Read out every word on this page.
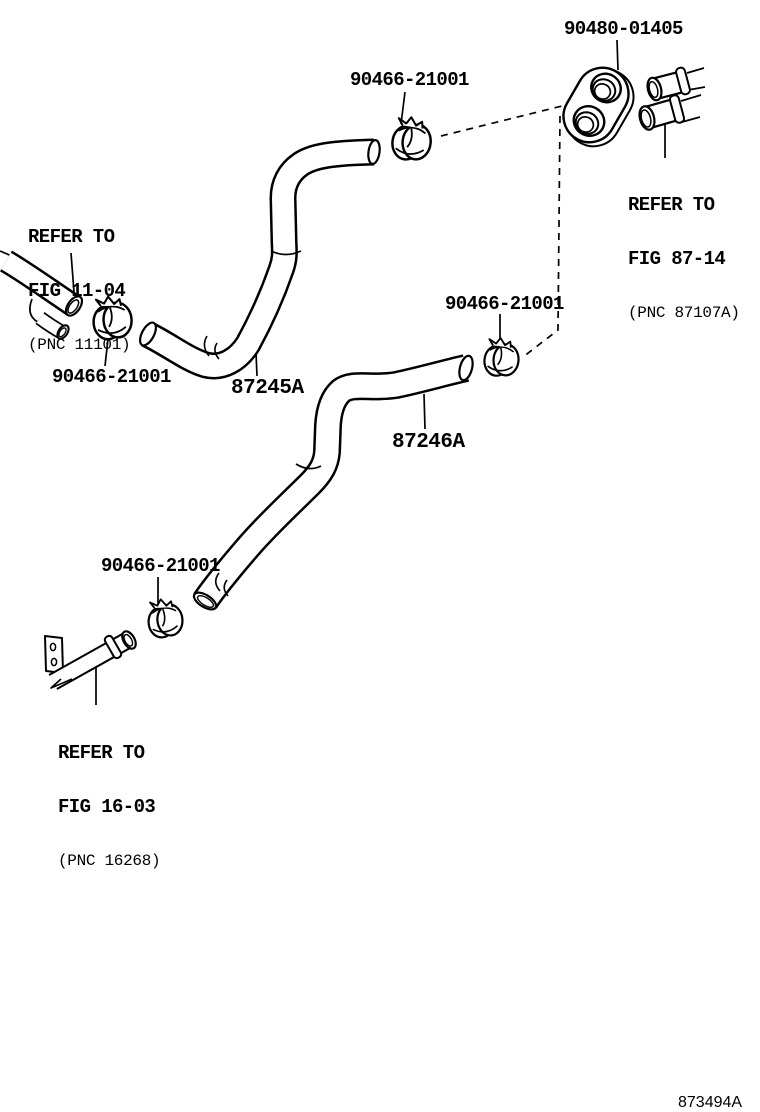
90480-01405
90466-21001
90466-21001
90466-21001
90466-21001
87245A
87246A

REFER TO

FIG 87-14

(PNC 87107A)

REFER TO

FIG 11-04

(PNC 11101)

REFER TO

FIG 16-03

(PNC 16268)

873494A
